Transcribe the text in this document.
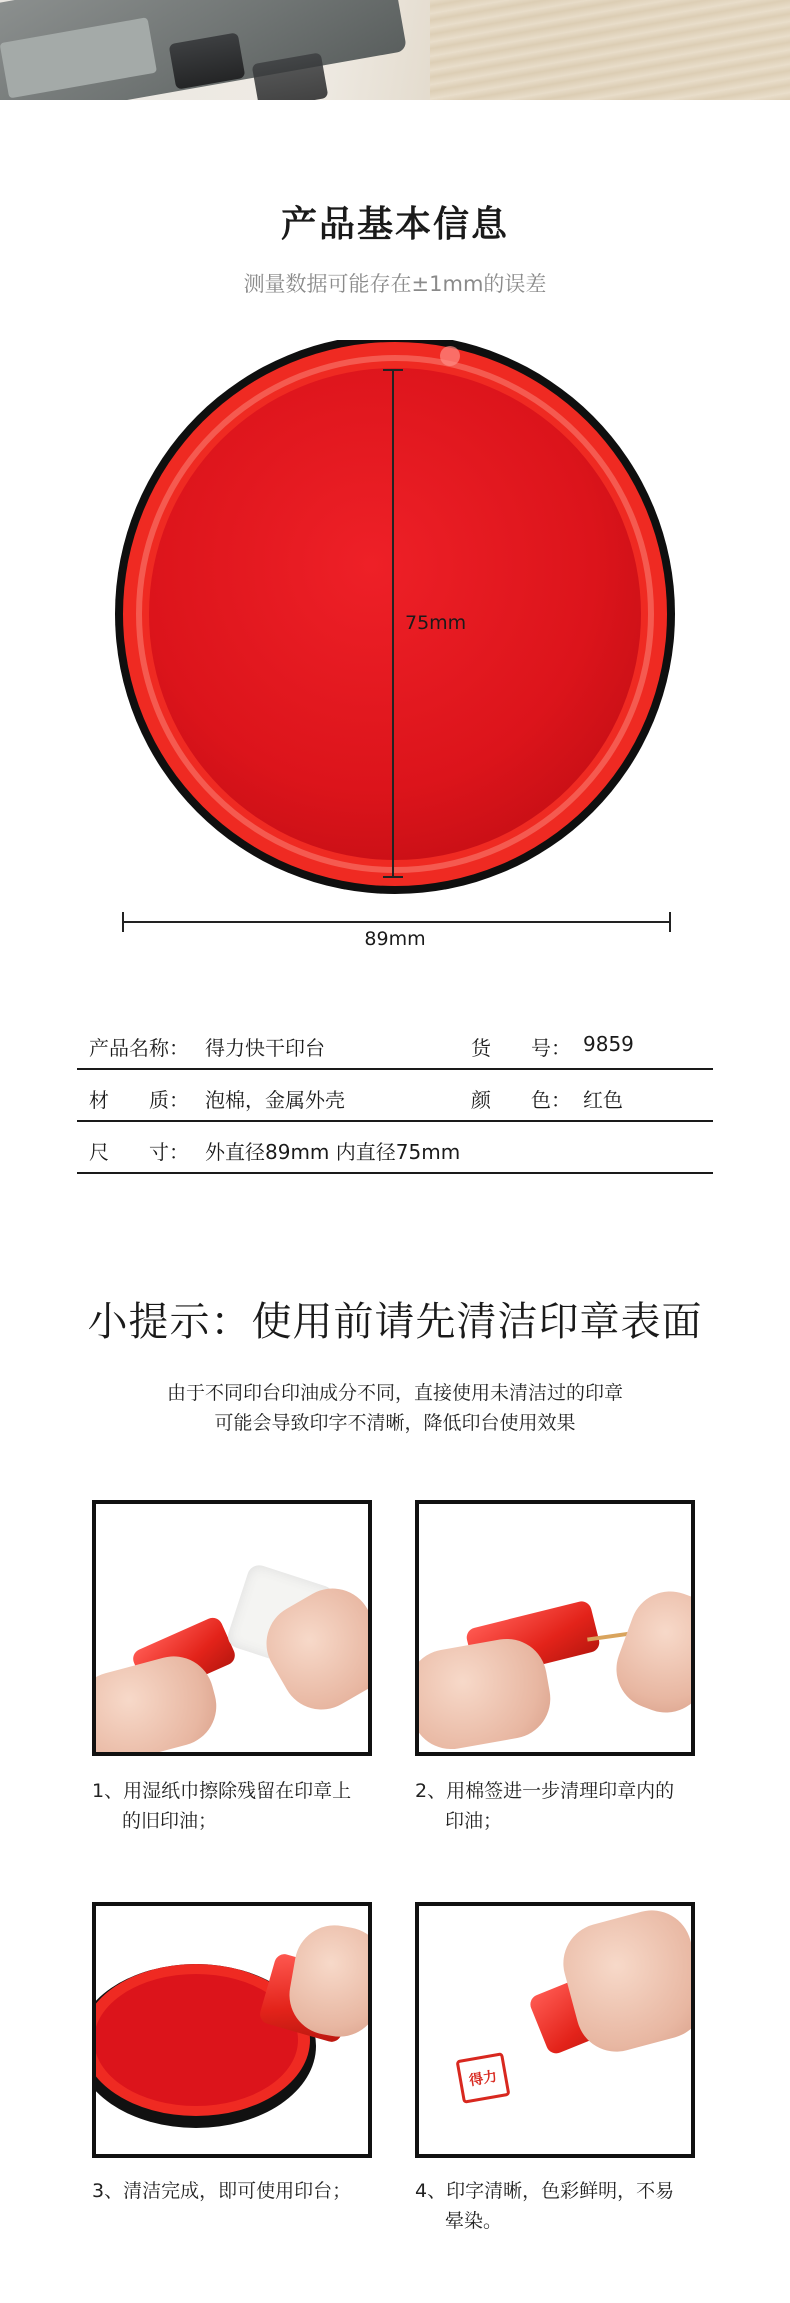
产品基本信息
测量数据可能存在±1mm的误差
75mm
89mm
产品名称： 得力快干印台	货　　号： 9859
材　　质： 泡棉，金属外壳	颜　　色： 红色
尺　　寸： 外直径89mm 内直径75mm
小提示：使用前请先清洁印章表面
由于不同印台印油成分不同，直接使用未清洁过的印章
可能会导致印字不清晰，降低印台使用效果
1、用湿纸巾擦除残留在印章上
的旧印油；
2、用棉签进一步清理印章内的
印油；
得力
3、清洁完成，即可使用印台；	4、印字清晰，色彩鲜明，不易
晕染。
